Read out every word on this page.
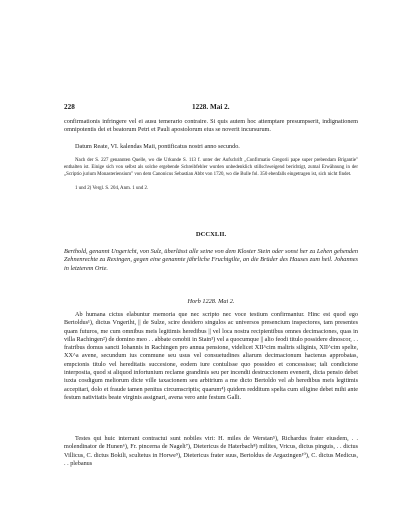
228	1228. Mai 2.

confirmationis infringere vel ei ausu temerario contraire. Si quis autem hoc attemptare presumpserit, indignationem omnipotentis dei et beatorum Petri et Pauli apostolorum eius se noverit incursurum.

Datum Reate, VI. kalendas Maii, pontificatus nostri anno secundo.

Nach der S. 227 genannten Quelle, wo die Urkunde S. 113 f. unter der Aufschrift „Confirmatio Gregorii pape super prebendam Brigantie" enthalten ist. Einige sich von selbst als solche ergebende Schreibfehler wurden unbedenklich stillschweigend berichtigt, zumal Erwähnung in der „Scriptio jurium Monasteriensium" von dem Canonicus Sebastian Abbt von 1720, wo die Bulle fol. 350 ebenfalls eingetragen ist, sich nicht findet.

1 und 2) Vergl. S. 204, Anm. 1 und 2.

DCCXLII.

Berthold, genannt Ungericht, von Sulz, überlässt alle seine von dem Kloster Stein oder sonst her zu Lehen gehenden Zehnenrechte zu Rexingen, gegen eine genannte jährliche Fruchtgilte, an die Brüder des Hauses zum heil. Johannes in letzterem Orte.

Horb 1228. Mai 2.

Ab humana cictus elabuntur memoria que nec scripto nec voce testium confirmantur. Hinc est quod ego Bertoldus¹), dictus Vngeriht, || de Sulze, scire desidero singulos ac universos presencium inspectores, tam presentes quam futuros, me cum omnibus meis legitimis heredibus || vel loca nostra recipientibus omnes decimaciones, quas in villa Rachingen²) de domino meo . . abbate cenobii in Stain³) vel a quocumque || alio feodi titulo possidere dinoscor, . . fratribus domus sancti Iohannis in Rachingen pro annua pensione, videlicet XII^cim maltris siliginis, XII^cim spelte, XX^a avene, secundum ius commune seu usus vel consuetudines aliarum decimacionum hactenus approbatas, empcionis titulo vel hereditatis succesione, eodem iure contulisse quo possideo et concessisse; tali condicione interposita, quod si aliquod infortunium reclame grandinis seu per incendii destruccionem evenerit, dicta pensio debet iuxta cosdigum meliorum dicte ville taxacionem seu arbitrium a me dicto Bertoldo vel ab heredibus meis legitimis accepitari, dolo et fraude tamen penitus circumscriptis; quarum⁴) quidem redditum spelta cum siligine debet mihi ante festum nativitatis beate virginis assignari, avena vero ante festum Galli.

Testes qui huic interrant contractui sunt nobiles viri: H. miles de Werstan⁵), Richardus frater eiusdem, . . molendinator de Hunen⁶), Fr. pincerna de Nagelt⁷), Dietericus de Haterbach⁸) milites, Vricus, dictus pinguis, . . dictus Villicus, C. dictus Bokili, scultetus in Horwe⁹), Dietericus frater suus, Bertoldus de Argazingen¹⁰), C. dictus Medicus, . . plebanus
